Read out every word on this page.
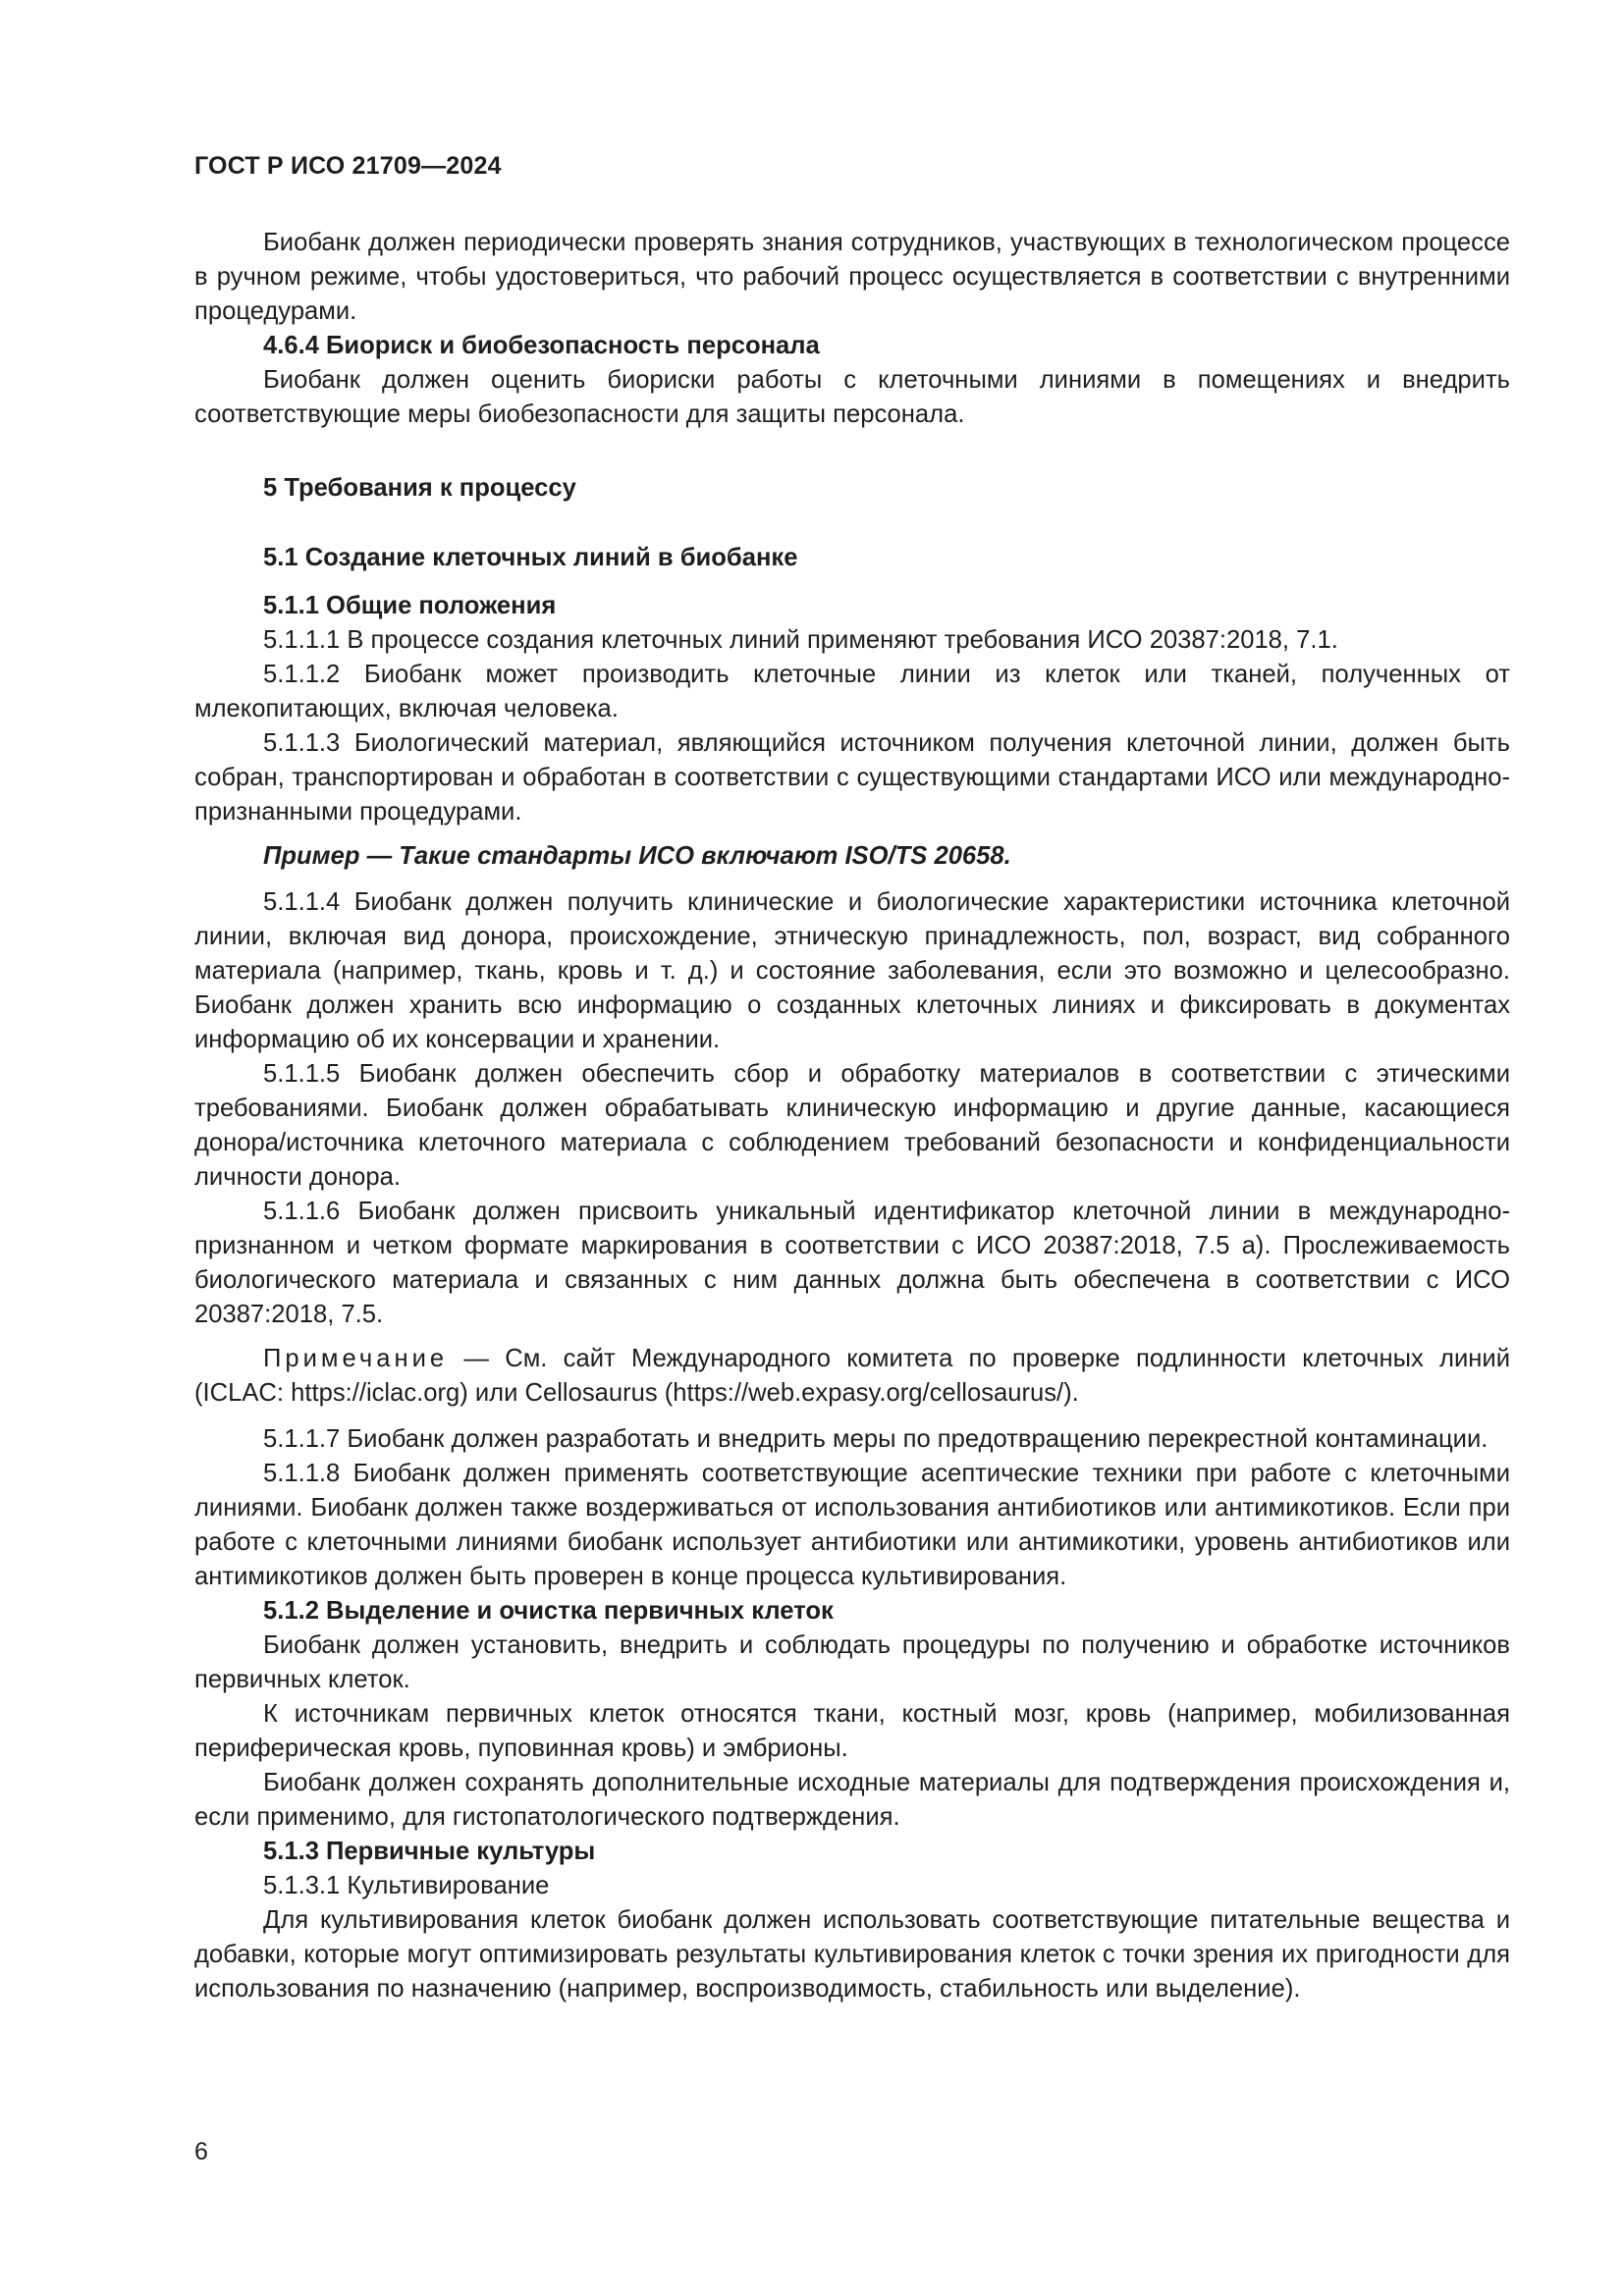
ГОСТ Р ИСО 21709—2024

Биобанк должен периодически проверять знания сотрудников, участвующих в технологическом процессе в ручном режиме, чтобы удостовериться, что рабочий процесс осуществляется в соответствии с внутренними процедурами.

4.6.4 Биориск и биобезопасность персонала

Биобанк должен оценить биориски работы с клеточными линиями в помещениях и внедрить соответствующие меры биобезопасности для защиты персонала.

5 Требования к процессу

5.1 Создание клеточных линий в биобанке

5.1.1 Общие положения

5.1.1.1 В процессе создания клеточных линий применяют требования ИСО 20387:2018, 7.1.

5.1.1.2 Биобанк может производить клеточные линии из клеток или тканей, полученных от млекопитающих, включая человека.

5.1.1.3 Биологический материал, являющийся источником получения клеточной линии, должен быть собран, транспортирован и обработан в соответствии с существующими стандартами ИСО или международно-признанными процедурами.

Пример — Такие стандарты ИСО включают ISO/TS 20658.

5.1.1.4 Биобанк должен получить клинические и биологические характеристики источника клеточной линии, включая вид донора, происхождение, этническую принадлежность, пол, возраст, вид собранного материала (например, ткань, кровь и т. д.) и состояние заболевания, если это возможно и целесообразно. Биобанк должен хранить всю информацию о созданных клеточных линиях и фиксировать в документах информацию об их консервации и хранении.

5.1.1.5 Биобанк должен обеспечить сбор и обработку материалов в соответствии с этическими требованиями. Биобанк должен обрабатывать клиническую информацию и другие данные, касающиеся донора/источника клеточного материала с соблюдением требований безопасности и конфиденциальности личности донора.

5.1.1.6 Биобанк должен присвоить уникальный идентификатор клеточной линии в международно-признанном и четком формате маркирования в соответствии с ИСО 20387:2018, 7.5 а). Прослеживаемость биологического материала и связанных с ним данных должна быть обеспечена в соответствии с ИСО 20387:2018, 7.5.

Примечание — См. сайт Международного комитета по проверке подлинности клеточных линий (ICLAC: https://iclac.org) или Cellosaurus (https://web.expasy.org/cellosaurus/).

5.1.1.7 Биобанк должен разработать и внедрить меры по предотвращению перекрестной контаминации.

5.1.1.8 Биобанк должен применять соответствующие асептические техники при работе с клеточными линиями. Биобанк должен также воздерживаться от использования антибиотиков или антимикотиков. Если при работе с клеточными линиями биобанк использует антибиотики или антимикотики, уровень антибиотиков или антимикотиков должен быть проверен в конце процесса культивирования.

5.1.2 Выделение и очистка первичных клеток

Биобанк должен установить, внедрить и соблюдать процедуры по получению и обработке источников первичных клеток.

К источникам первичных клеток относятся ткани, костный мозг, кровь (например, мобилизованная периферическая кровь, пуповинная кровь) и эмбрионы.

Биобанк должен сохранять дополнительные исходные материалы для подтверждения происхождения и, если применимо, для гистопатологического подтверждения.

5.1.3 Первичные культуры

5.1.3.1 Культивирование

Для культивирования клеток биобанк должен использовать соответствующие питательные вещества и добавки, которые могут оптимизировать результаты культивирования клеток с точки зрения их пригодности для использования по назначению (например, воспроизводимость, стабильность или выделение).

6
